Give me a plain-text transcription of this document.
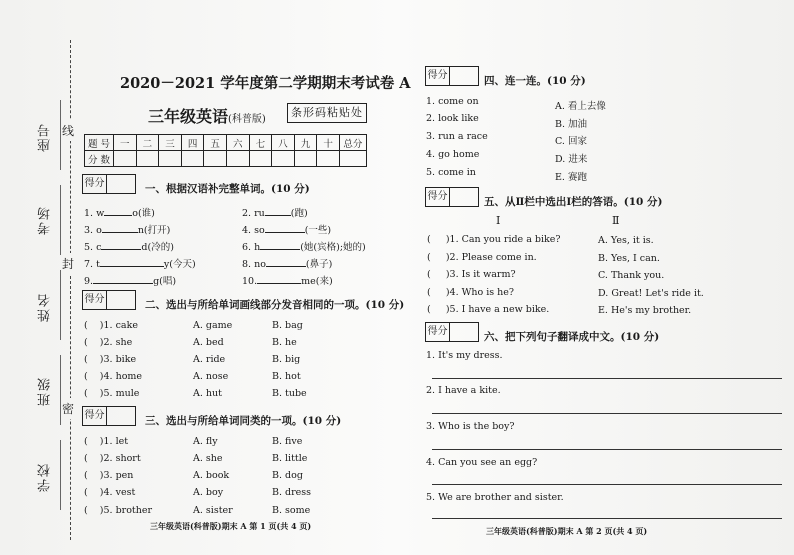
座号
考场
姓名
班级
学校
线
封
密
2020－2021 学年度第二学期期末考试卷 A
三年级英语(科普版)
条形码粘贴处
题 号	一	二	三	四	五	六	七	八	九	十	总分
分 数											
得分	一、根据汉语补完整单词。(10 分)
1. w	o(谁)	2. ru	(跑)
3. o	n(打开)	4. so	(一些)
5. c	d(冷的)	6. h	(她(宾格);她的)
7. t	y(今天)	8. no	(鼻子)
9.	g(唱)	10.	me(来)
得分	二、选出与所给单词画线部分发音相同的一项。(10 分)
(    )1. cake	A. game	B. bag
(    )2. she	A. bed	B. he
(    )3. bike	A. ride	B. big
(    )4. home	A. nose	B. hot
(    )5. mule	A. hut	B. tube
得分	三、选出与所给单词同类的一项。(10 分)
(    )1. let	A. fly	B. five
(    )2. short	A. she	B. little
(    )3. pen	A. book	B. dog
(    )4. vest	A. boy	B. dress
(    )5. brother	A. sister	B. some
三年级英语(科普版)期末 A 第 1 页(共 4 页)
得分	四、连一连。(10 分)
1. come on
2. look like
3. run a race
4. go home
5. come in
A. 看上去像
B. 加油
C. 回家
D. 进来
E. 赛跑
得分	五、从Ⅱ栏中选出Ⅰ栏的答语。(10 分)
Ⅰ	Ⅱ
(     )1. Can you ride a bike?
(     )2. Please come in.
(     )3. Is it warm?
(     )4. Who is he?
(     )5. I have a new bike.
A. Yes, it is.
B. Yes, I can.
C. Thank you.
D. Great! Let's ride it.
E. He's my brother.
得分	六、把下列句子翻译成中文。(10 分)
1. It's my dress.
2. I have a kite.
3. Who is the boy?
4. Can you see an egg?
5. We are brother and sister.
三年级英语(科普版)期末 A 第 2 页(共 4 页)
